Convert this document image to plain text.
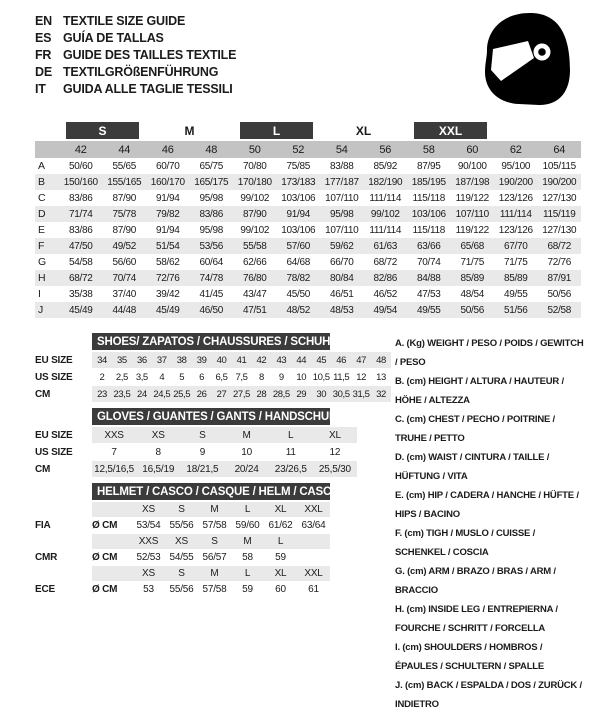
EN TEXTILE SIZE GUIDE
ES GUÍA DE TALLAS
FR GUIDE DES TAILLES TEXTILE
DE TEXTILGRÖßENFÜHRUNG
IT	GUIDA ALLE TAGLIE TESSILI
S	M	L	XL	XXL
42	44	46	48	50	52	54	56	58	60	62	64
A	50/60	55/65	60/70	65/75	70/80	75/85	83/88	85/92	87/95	90/100	95/100	105/115
B	150/160 155/165 160/170 165/175 170/180 173/183 177/187 182/190 185/195 187/198 190/200 190/200
C	83/86	87/90	91/94	95/98	99/102	103/106 107/110	111/114	115/118	119/122 123/126 127/130
D	71/74	75/78	79/82	83/86	87/90	91/94	95/98	99/102	103/106 107/110	111/114	115/119
E	83/86	87/90	91/94	95/98	99/102	103/106 107/110	111/114	115/118	119/122 123/126 127/130
F	47/50	49/52	51/54	53/56	55/58	57/60	59/62	61/63	63/66	65/68	67/70	68/72
G	54/58	56/60	58/62	60/64	62/66	64/68	66/70	68/72	70/74	71/75	71/75	72/76
H	68/72	70/74	72/76	74/78	76/80	78/82	80/84	82/86	84/88	85/89	85/89	87/91
I	35/38	37/40	39/42	41/45	43/47	45/50	46/51	46/52	47/53	48/54	49/55	50/56
J	45/49	44/48	45/49	46/50	47/51	48/52	48/53	49/54	49/55	50/56	51/56	52/58
SHOES/ ZAPATOS / CHAUSSURES / SCHUHE / SCARPE
EU SIZE	34	35	36	37	38	39	40	41	42	43	44	45	46	47	48
US SIZE	2	2,5 3,5	4	5	6	6,5 7,5	8	9	10 10,5 11,5 12	13
CM	23 23,5 24 24,5 25,5 26	27 27,5 28 28,5 29	30 30,5 31,5 32
GLOVES / GUANTES / GANTS / HANDSCHUHE / GUANTI
EU SIZE	XXS	XS	S	M	L	XL
US SIZE	7	8	9	10	11	12
CM	12,5/16,5 16,5/19	18/21,5	20/24	23/26,5	25,5/30
HELMET / CASCO / CASQUE / HELM / CASCO
XS	S	M	L	XL	XXL
FIA	Ø CM	53/54 55/56 57/58 59/60 61/62 63/64
XXS	XS	S	M	L
CMR	Ø CM	52/53 54/55 56/57	58	59
XS	S	M	L	XL	XXL
ECE	Ø CM	53	55/56 57/58	59	60	61
A. (Kg) WEIGHT / PESO / POIDS / GEWITCH / PESO
B. (cm) HEIGHT / ALTURA / HAUTEUR / HÖHE / ALTEZZA
C. (cm) CHEST / PECHO / POITRINE / TRUHE / PETTO
D. (cm) WAIST / CINTURA / TAILLE / HÜFTUNG / VITA
E. (cm) HIP / CADERA / HANCHE / HÜFTE / HIPS / BACINO
F. (cm) TIGH / MUSLO / CUISSE / SCHENKEL / COSCIA
G. (cm) ARM / BRAZO / BRAS / ARM / BRACCIO
H. (cm) INSIDE LEG / ENTREPIERNA / FOURCHE / SCHRITT / FORCELLA
I. (cm) SHOULDERS / HOMBROS / ÉPAULES / SCHULTERN / SPALLE
J. (cm) BACK / ESPALDA / DOS / ZURÜCK / INDIETRO
